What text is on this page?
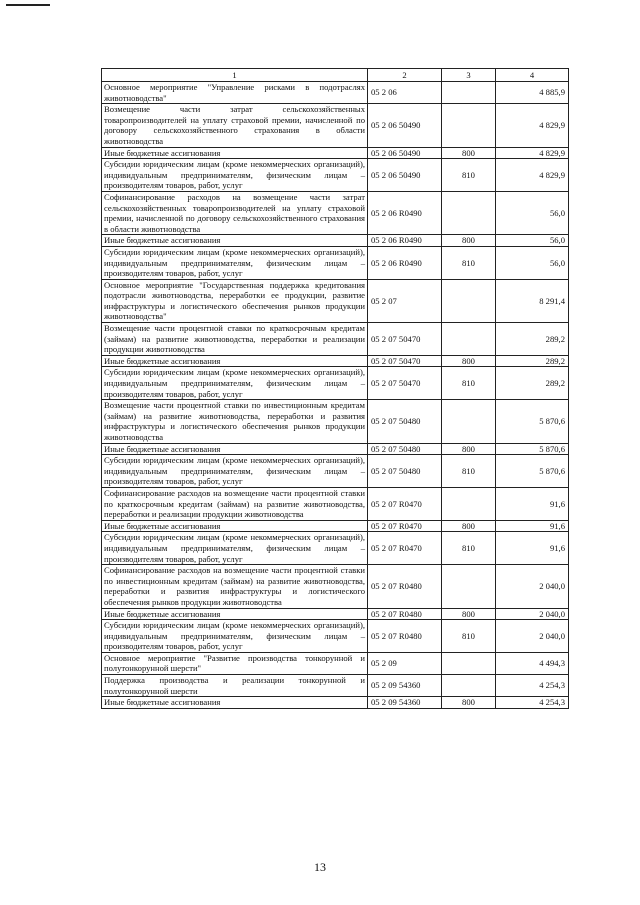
1	2	3	4
Основное мероприятие "Управление рисками в подотраслях животноводства"	05 2 06		4 885,9
Возмещение части затрат сельскохозяйственных товаропроизводителей на уплату страховой премии, начисленной по договору сельскохозяйственного страхования в области животноводства	05 2 06 50490		4 829,9
Иные бюджетные ассигнования	05 2 06 50490	800	4 829,9
Субсидии юридическим лицам (кроме некоммерческих организаций), индивидуальным предпринимателям, физическим лицам – производителям товаров, работ, услуг	05 2 06 50490	810	4 829,9
Софинансирование расходов на возмещение части затрат сельскохозяйственных товаропроизводителей на уплату страховой премии, начисленной по договору сельскохозяйственного страхования в области животноводства	05 2 06 R0490		56,0
Иные бюджетные ассигнования	05 2 06 R0490	800	56,0
Субсидии юридическим лицам (кроме некоммерческих организаций), индивидуальным предпринимателям, физическим лицам – производителям товаров, работ, услуг	05 2 06 R0490	810	56,0
Основное мероприятие "Государственная поддержка кредитования подотрасли животноводства, переработки ее продукции, развитие инфраструктуры и логистического обеспечения рынков продукции животноводства"	05 2 07		8 291,4
Возмещение части процентной ставки по краткосрочным кредитам (займам) на развитие животноводства, переработки и реализации продукции животноводства	05 2 07 50470		289,2
Иные бюджетные ассигнования	05 2 07 50470	800	289,2
Субсидии юридическим лицам (кроме некоммерческих организаций), индивидуальным предпринимателям, физическим лицам – производителям товаров, работ, услуг	05 2 07 50470	810	289,2
Возмещение части процентной ставки по инвестиционным кредитам (займам) на развитие животноводства, переработки и развития инфраструктуры и логистического обеспечения рынков продукции животноводства	05 2 07 50480		5 870,6
Иные бюджетные ассигнования	05 2 07 50480	800	5 870,6
Субсидии юридическим лицам (кроме некоммерческих организаций), индивидуальным предпринимателям, физическим лицам – производителям товаров, работ, услуг	05 2 07 50480	810	5 870,6
Софинансирование расходов на возмещение части процентной ставки по краткосрочным кредитам (займам) на развитие животноводства, переработки и реализации продукции животноводства	05 2 07 R0470		91,6
Иные бюджетные ассигнования	05 2 07 R0470	800	91,6
Субсидии юридическим лицам (кроме некоммерческих организаций), индивидуальным предпринимателям, физическим лицам – производителям товаров, работ, услуг	05 2 07 R0470	810	91,6
Софинансирование расходов на возмещение части процентной ставки по инвестиционным кредитам (займам) на развитие животноводства, переработки и развития инфраструктуры и логистического обеспечения рынков продукции животноводства	05 2 07 R0480		2 040,0
Иные бюджетные ассигнования	05 2 07 R0480	800	2 040,0
Субсидии юридическим лицам (кроме некоммерческих организаций), индивидуальным предпринимателям, физическим лицам – производителям товаров, работ, услуг	05 2 07 R0480	810	2 040,0
Основное мероприятие "Развитие производства тонкорунной и полутонкорунной шерсти"	05 2 09		4 494,3
Поддержка производства и реализации тонкорунной и полутонкорунной шерсти	05 2 09 54360		4 254,3
Иные бюджетные ассигнования	05 2 09 54360	800	4 254,3
13
